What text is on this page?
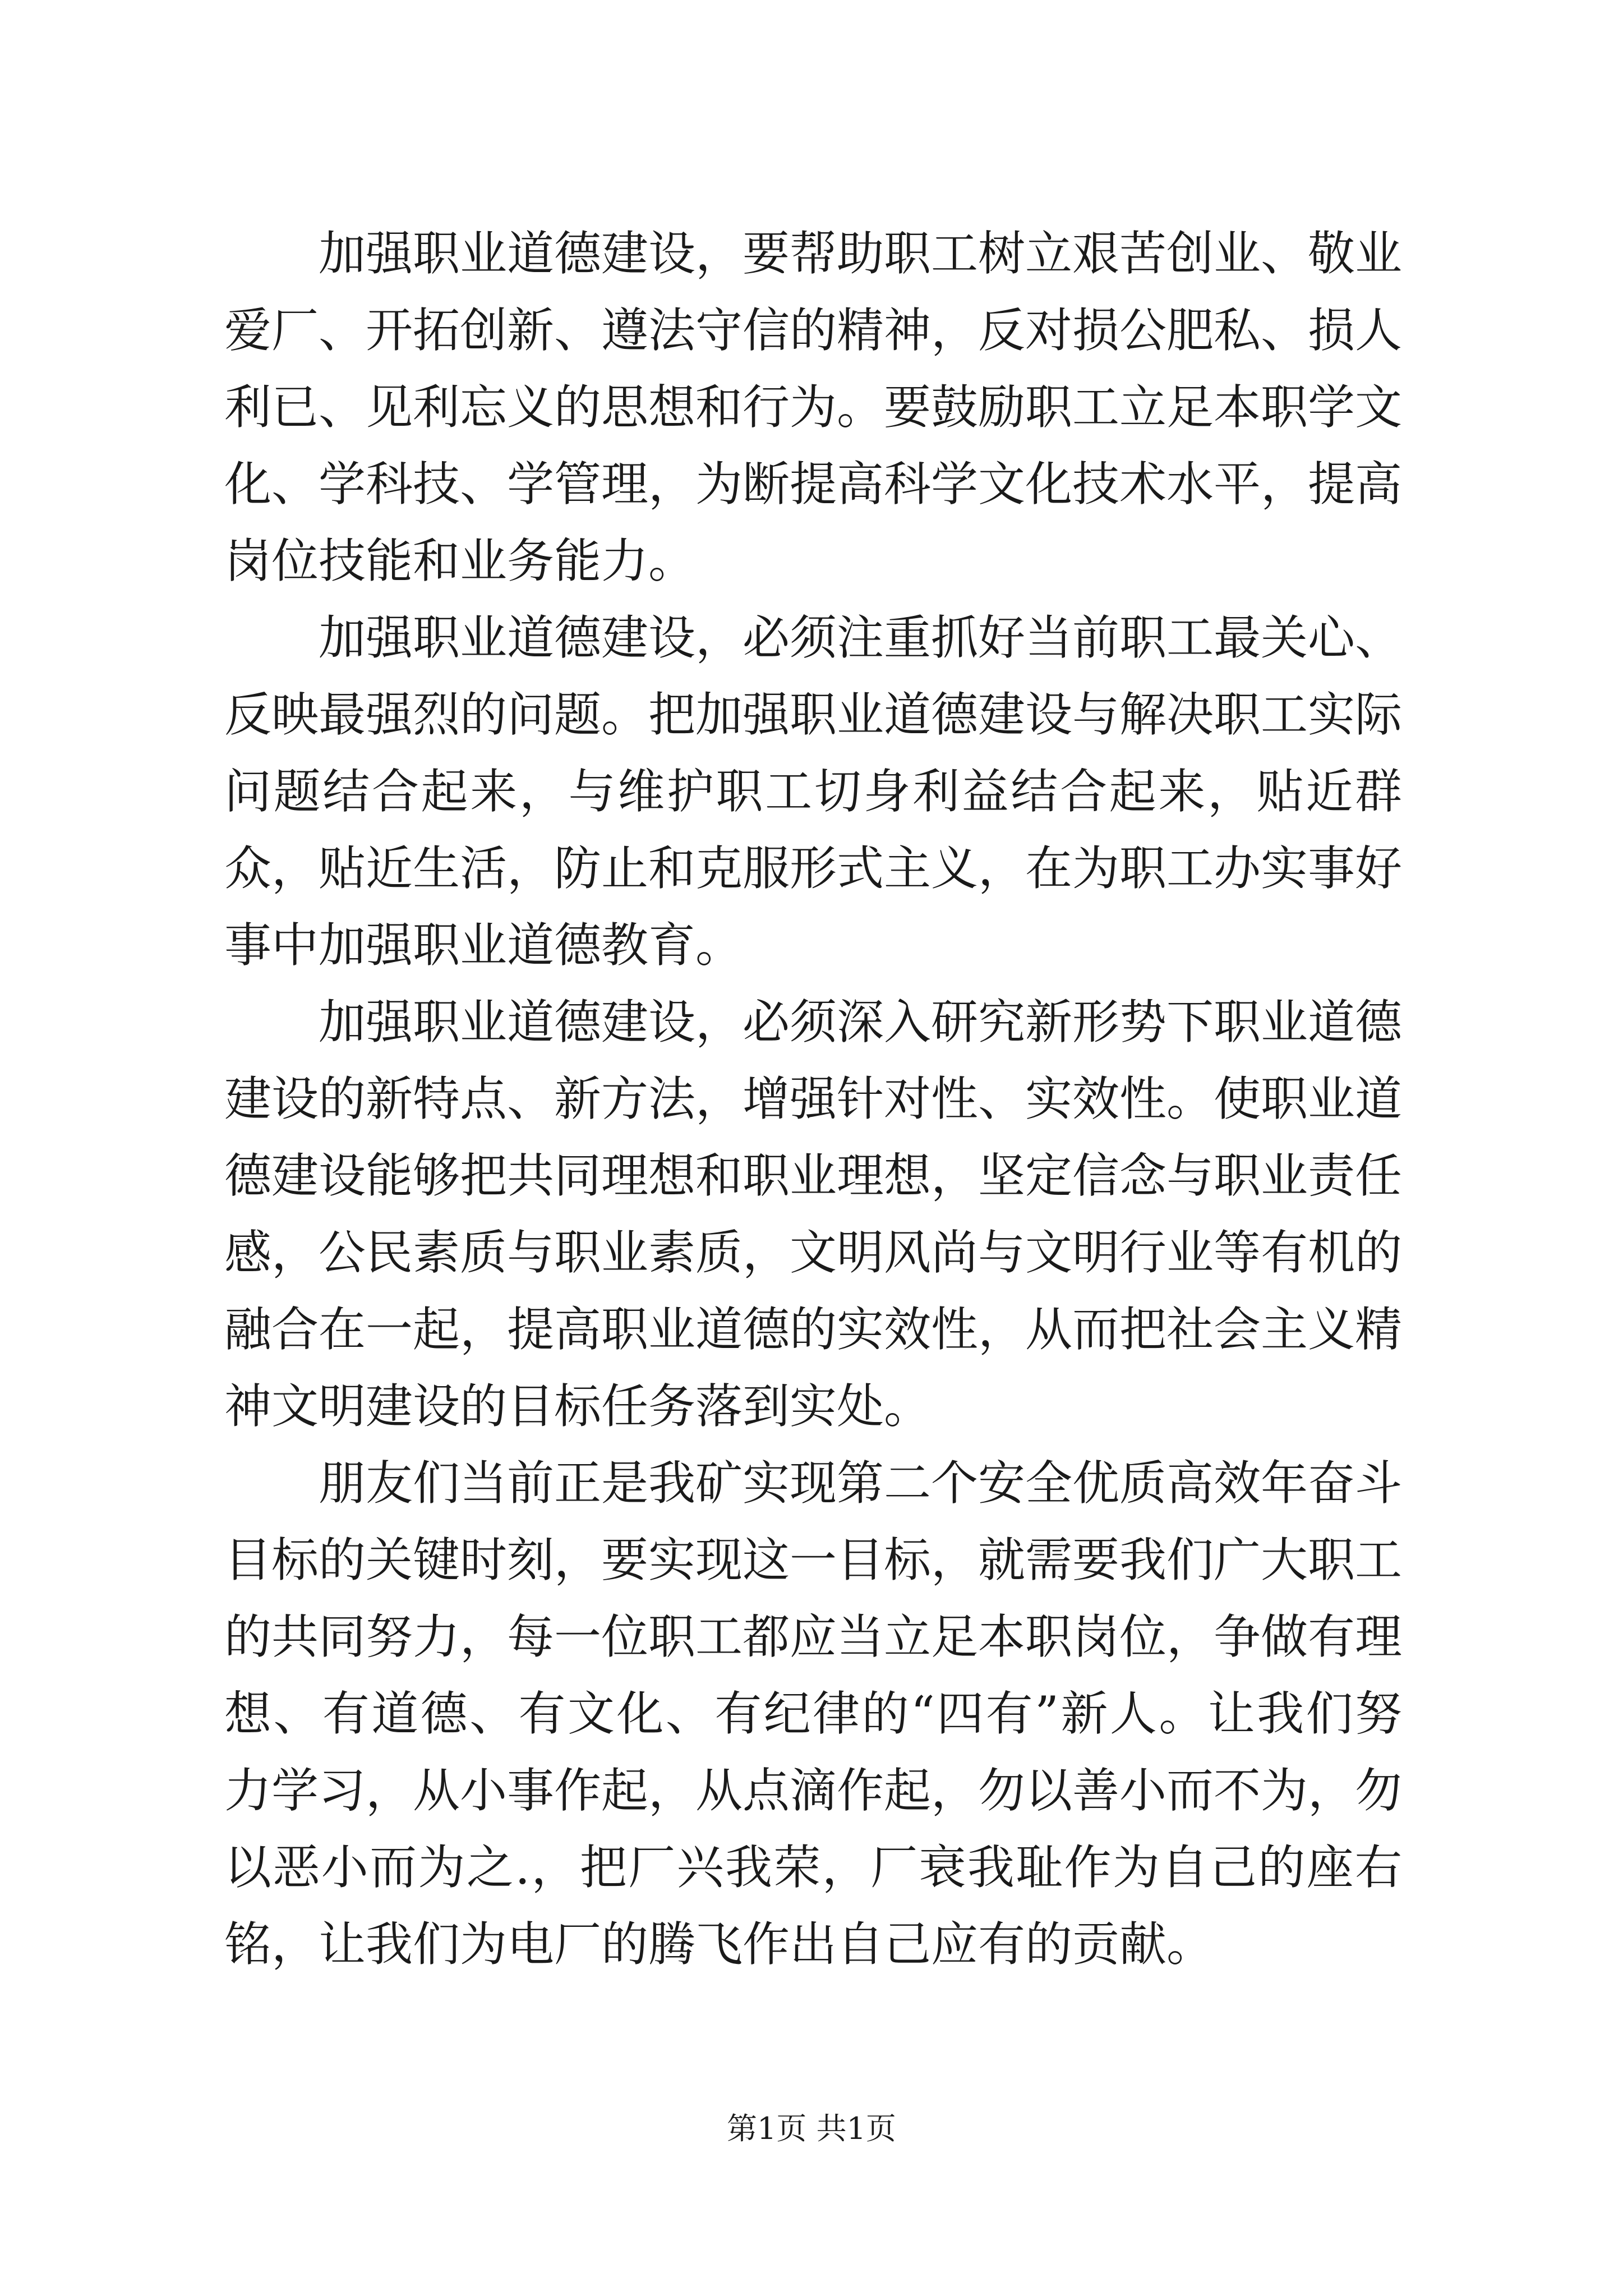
加强职业道德建设，要帮助职工树立艰苦创业、敬业爱厂、开拓创新、遵法守信的精神，反对损公肥私、损人利已、见利忘义的思想和行为。要鼓励职工立足本职学文化、学科技、学管理，为断提高科学文化技术水平，提高岗位技能和业务能力。

加强职业道德建设，必须注重抓好当前职工最关心、反映最强烈的问题。把加强职业道德建设与解决职工实际问题结合起来，与维护职工切身利益结合起来，贴近群众，贴近生活，防止和克服形式主义，在为职工办实事好事中加强职业道德教育。

加强职业道德建设，必须深入研究新形势下职业道德建设的新特点、新方法，增强针对性、实效性。使职业道德建设能够把共同理想和职业理想，坚定信念与职业责任感，公民素质与职业素质，文明风尚与文明行业等有机的融合在一起，提高职业道德的实效性，从而把社会主义精神文明建设的目标任务落到实处。

朋友们当前正是我矿实现第二个安全优质高效年奋斗目标的关键时刻，要实现这一目标，就需要我们广大职工的共同努力，每一位职工都应当立足本职岗位，争做有理想、有道德、有文化、有纪律的“四有”新人。让我们努力学习，从小事作起，从点滴作起，勿以善小而不为，勿以恶小而为之.，把厂兴我荣，厂衰我耻作为自己的座右铭，让我们为电厂的腾飞作出自己应有的贡献。

第1页 共1页
